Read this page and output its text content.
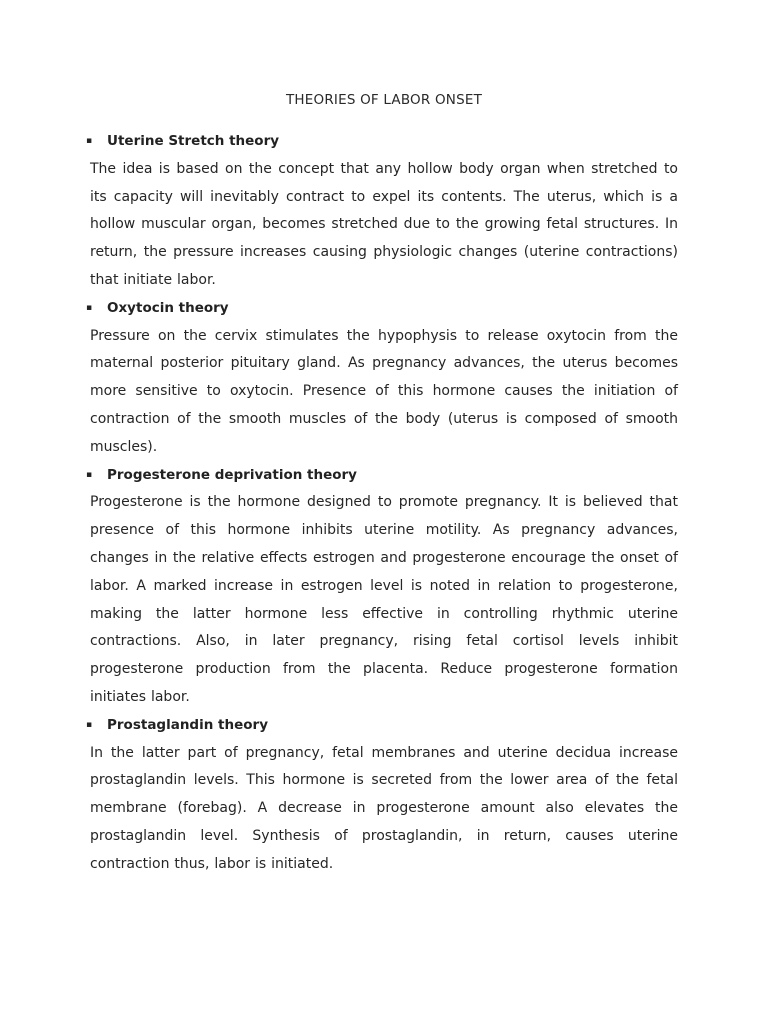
THEORIES OF LABOR ONSET
▪ Uterine Stretch theory

The idea is based on the concept that any hollow body organ when stretched to its capacity will inevitably contract to expel its contents. The uterus, which is a hollow muscular organ, becomes stretched due to the growing fetal structures. In return, the pressure increases causing physiologic changes (uterine contractions) that initiate labor.

▪ Oxytocin theory

Pressure on the cervix stimulates the hypophysis to release oxytocin from the maternal posterior pituitary gland. As pregnancy advances, the uterus becomes more sensitive to oxytocin. Presence of this hormone causes the initiation of contraction of the smooth muscles of the body (uterus is composed of smooth muscles).

▪ Progesterone deprivation theory

Progesterone is the hormone designed to promote pregnancy. It is believed that presence of this hormone inhibits uterine motility. As pregnancy advances, changes in the relative effects estrogen and progesterone encourage the onset of labor. A marked increase in estrogen level is noted in relation to progesterone, making the latter hormone less effective in controlling rhythmic uterine contractions. Also, in later pregnancy, rising fetal cortisol levels inhibit progesterone production from the placenta. Reduce progesterone formation initiates labor.

▪ Prostaglandin theory

In the latter part of pregnancy, fetal membranes and uterine decidua increase prostaglandin levels. This hormone is secreted from the lower area of the fetal membrane (forebag). A decrease in progesterone amount also elevates the prostaglandin level. Synthesis of prostaglandin, in return, causes uterine contraction thus, labor is initiated.
